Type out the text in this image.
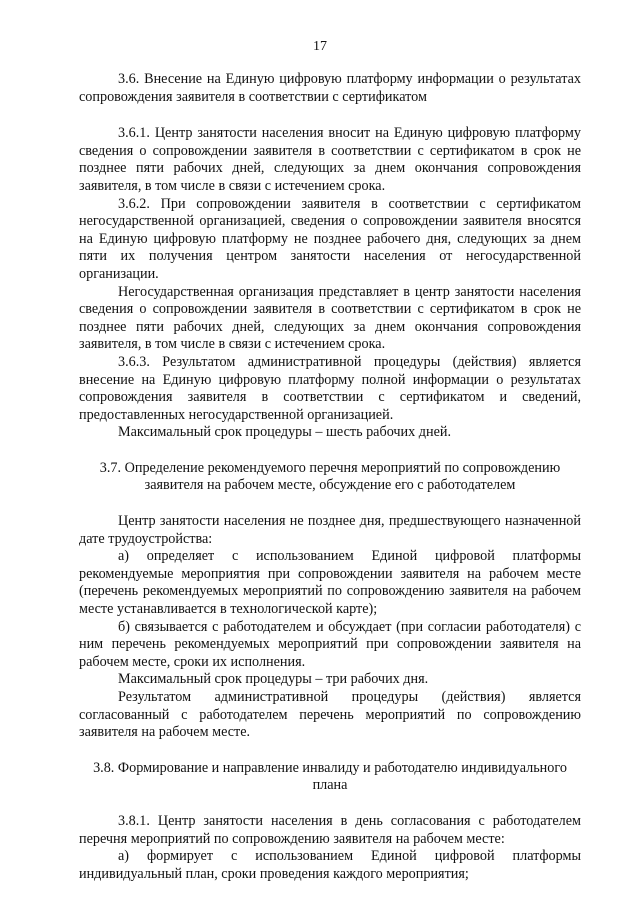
17

3.6. Внесение на Единую цифровую платформу информации о результатах сопровождения заявителя в соответствии с сертификатом

3.6.1. Центр занятости населения вносит на Единую цифровую платформу сведения о сопровождении заявителя в соответствии с сертификатом в срок не позднее пяти рабочих дней, следующих за днем окончания сопровождения заявителя, в том числе в связи с истечением срока.

3.6.2. При сопровождении заявителя в соответствии с сертификатом негосударственной организацией, сведения о сопровождении заявителя вносятся на Единую цифровую платформу не позднее рабочего дня, следующих за днем пяти их получения центром занятости населения от негосударственной организации.

Негосударственная организация представляет в центр занятости населения сведения о сопровождении заявителя в соответствии с сертификатом в срок не позднее пяти рабочих дней, следующих за днем окончания сопровождения заявителя, в том числе в связи с истечением срока.

3.6.3. Результатом административной процедуры (действия) является внесение на Единую цифровую платформу полной информации о результатах сопровождения заявителя в соответствии с сертификатом и сведений, предоставленных негосударственной организацией.

Максимальный срок процедуры – шесть рабочих дней.

3.7. Определение рекомендуемого перечня мероприятий по сопровождению заявителя на рабочем месте, обсуждение его с работодателем

Центр занятости населения не позднее дня, предшествующего назначенной дате трудоустройства:

а) определяет с использованием Единой цифровой платформы рекомендуемые мероприятия при сопровождении заявителя на рабочем месте (перечень рекомендуемых мероприятий по сопровождению заявителя на рабочем месте устанавливается в технологической карте);

б) связывается с работодателем и обсуждает (при согласии работодателя) с ним перечень рекомендуемых мероприятий при сопровождении заявителя на рабочем месте, сроки их исполнения.

Максимальный срок процедуры – три рабочих дня.

Результатом административной процедуры (действия) является согласованный с работодателем перечень мероприятий по сопровождению заявителя на рабочем месте.

3.8. Формирование и направление инвалиду и работодателю индивидуального плана

3.8.1. Центр занятости населения в день согласования с работодателем перечня мероприятий по сопровождению заявителя на рабочем месте:

а) формирует с использованием Единой цифровой платформы индивидуальный план, сроки проведения каждого мероприятия;
